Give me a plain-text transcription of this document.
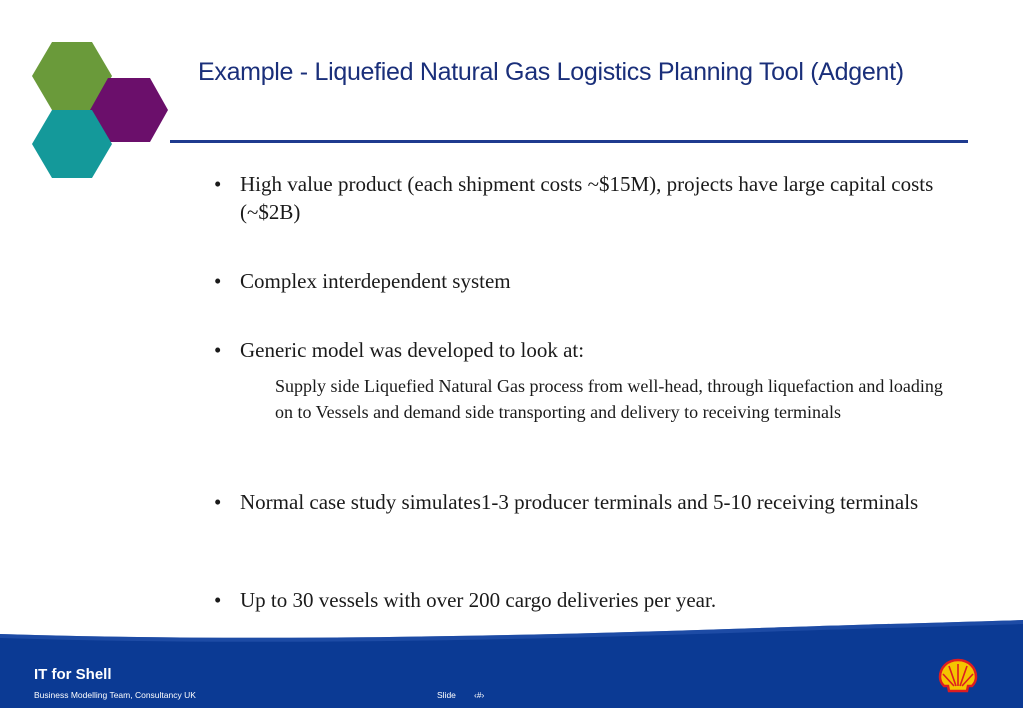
Example - Liquefied Natural Gas Logistics Planning Tool (Adgent)
• High value product (each shipment costs ~$15M), projects have large capital costs (~$2B)
• Complex interdependent system
• Generic model was developed to look at:
Supply side Liquefied Natural Gas process from well-head, through liquefaction and loading on to Vessels and demand side transporting and delivery to receiving terminals
• Normal case study simulates1-3 producer terminals and 5-10 receiving terminals
• Up to 30 vessels with over 200 cargo deliveries per year.
IT for Shell
Business Modelling Team, Consultancy UK	Slide ‹#›
